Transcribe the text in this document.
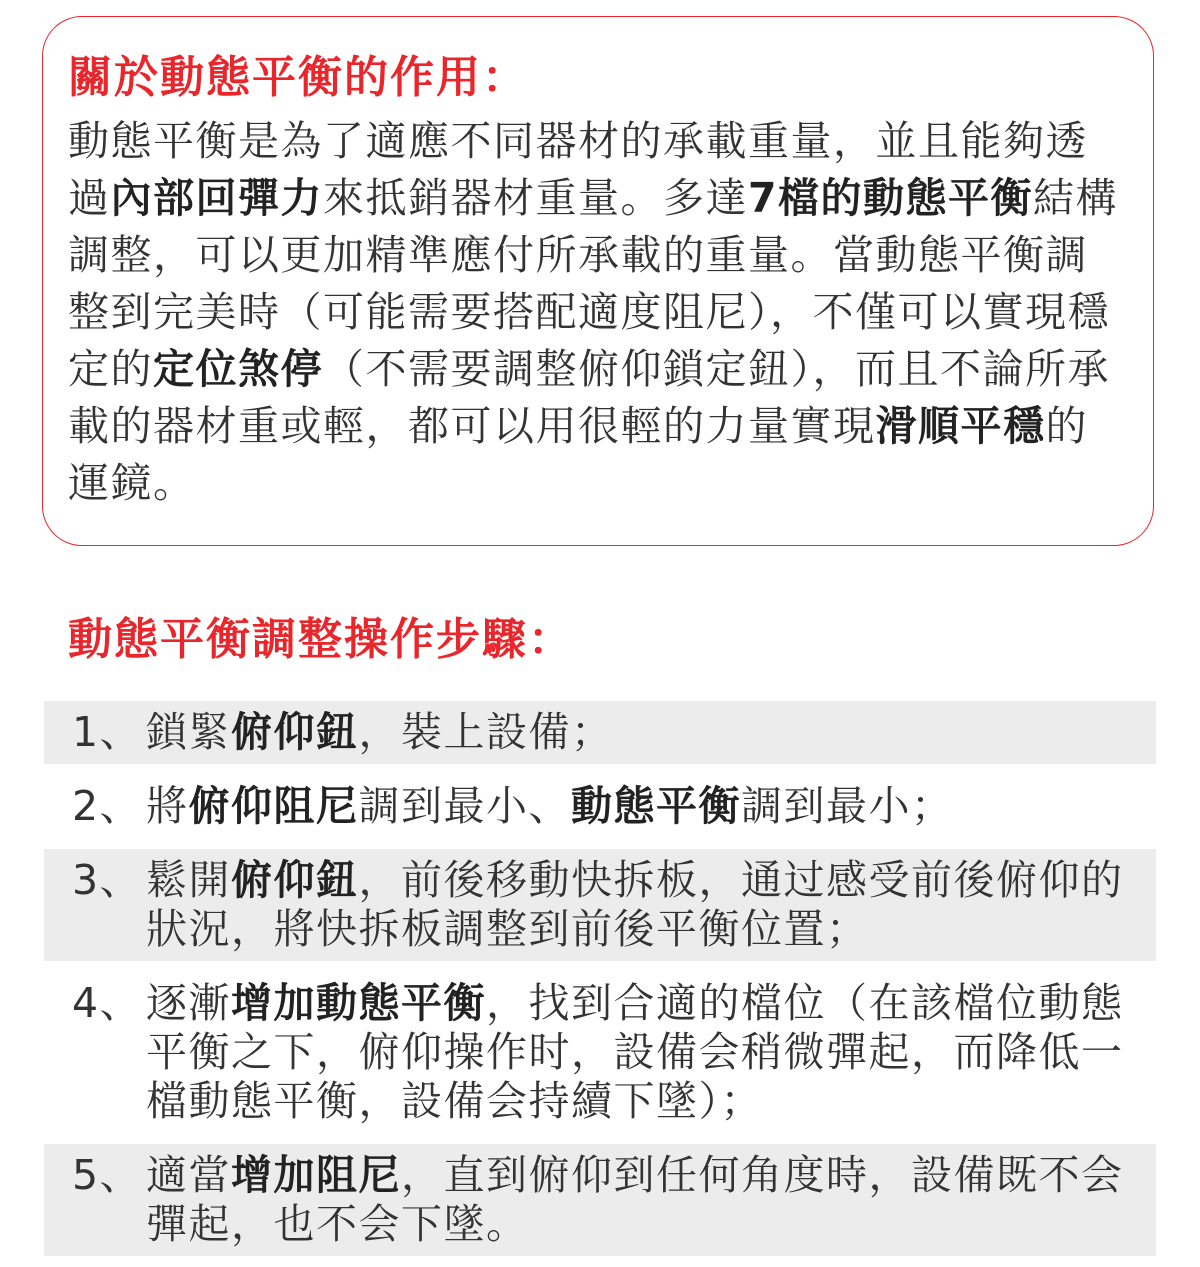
關於動態平衡的作用：
動態平衡是為了適應不同器材的承載重量，並且能夠透過內部回彈力來抵銷器材重量。多達7檔的動態平衡結構調整，可以更加精準應付所承載的重量。當動態平衡調整到完美時（可能需要搭配適度阻尼），不僅可以實現穩定的定位煞停（不需要調整俯仰鎖定鈕），而且不論所承載的器材重或輕，都可以用很輕的力量實現滑順平穩的運鏡。
動態平衡調整操作步驟：
1、 鎖緊俯仰鈕，裝上設備；
2、 將俯仰阻尼調到最小、動態平衡調到最小；
3、 鬆開俯仰鈕，前後移動快拆板，通过感受前後俯仰的狀況，將快拆板調整到前後平衡位置；
4、 逐漸增加動態平衡，找到合適的檔位（在該檔位動態平衡之下，俯仰操作时，設備会稍微彈起，而降低一檔動態平衡，設備会持續下墜）；
5、 適當增加阻尼，直到俯仰到任何角度時，設備既不会彈起，也不会下墜。
